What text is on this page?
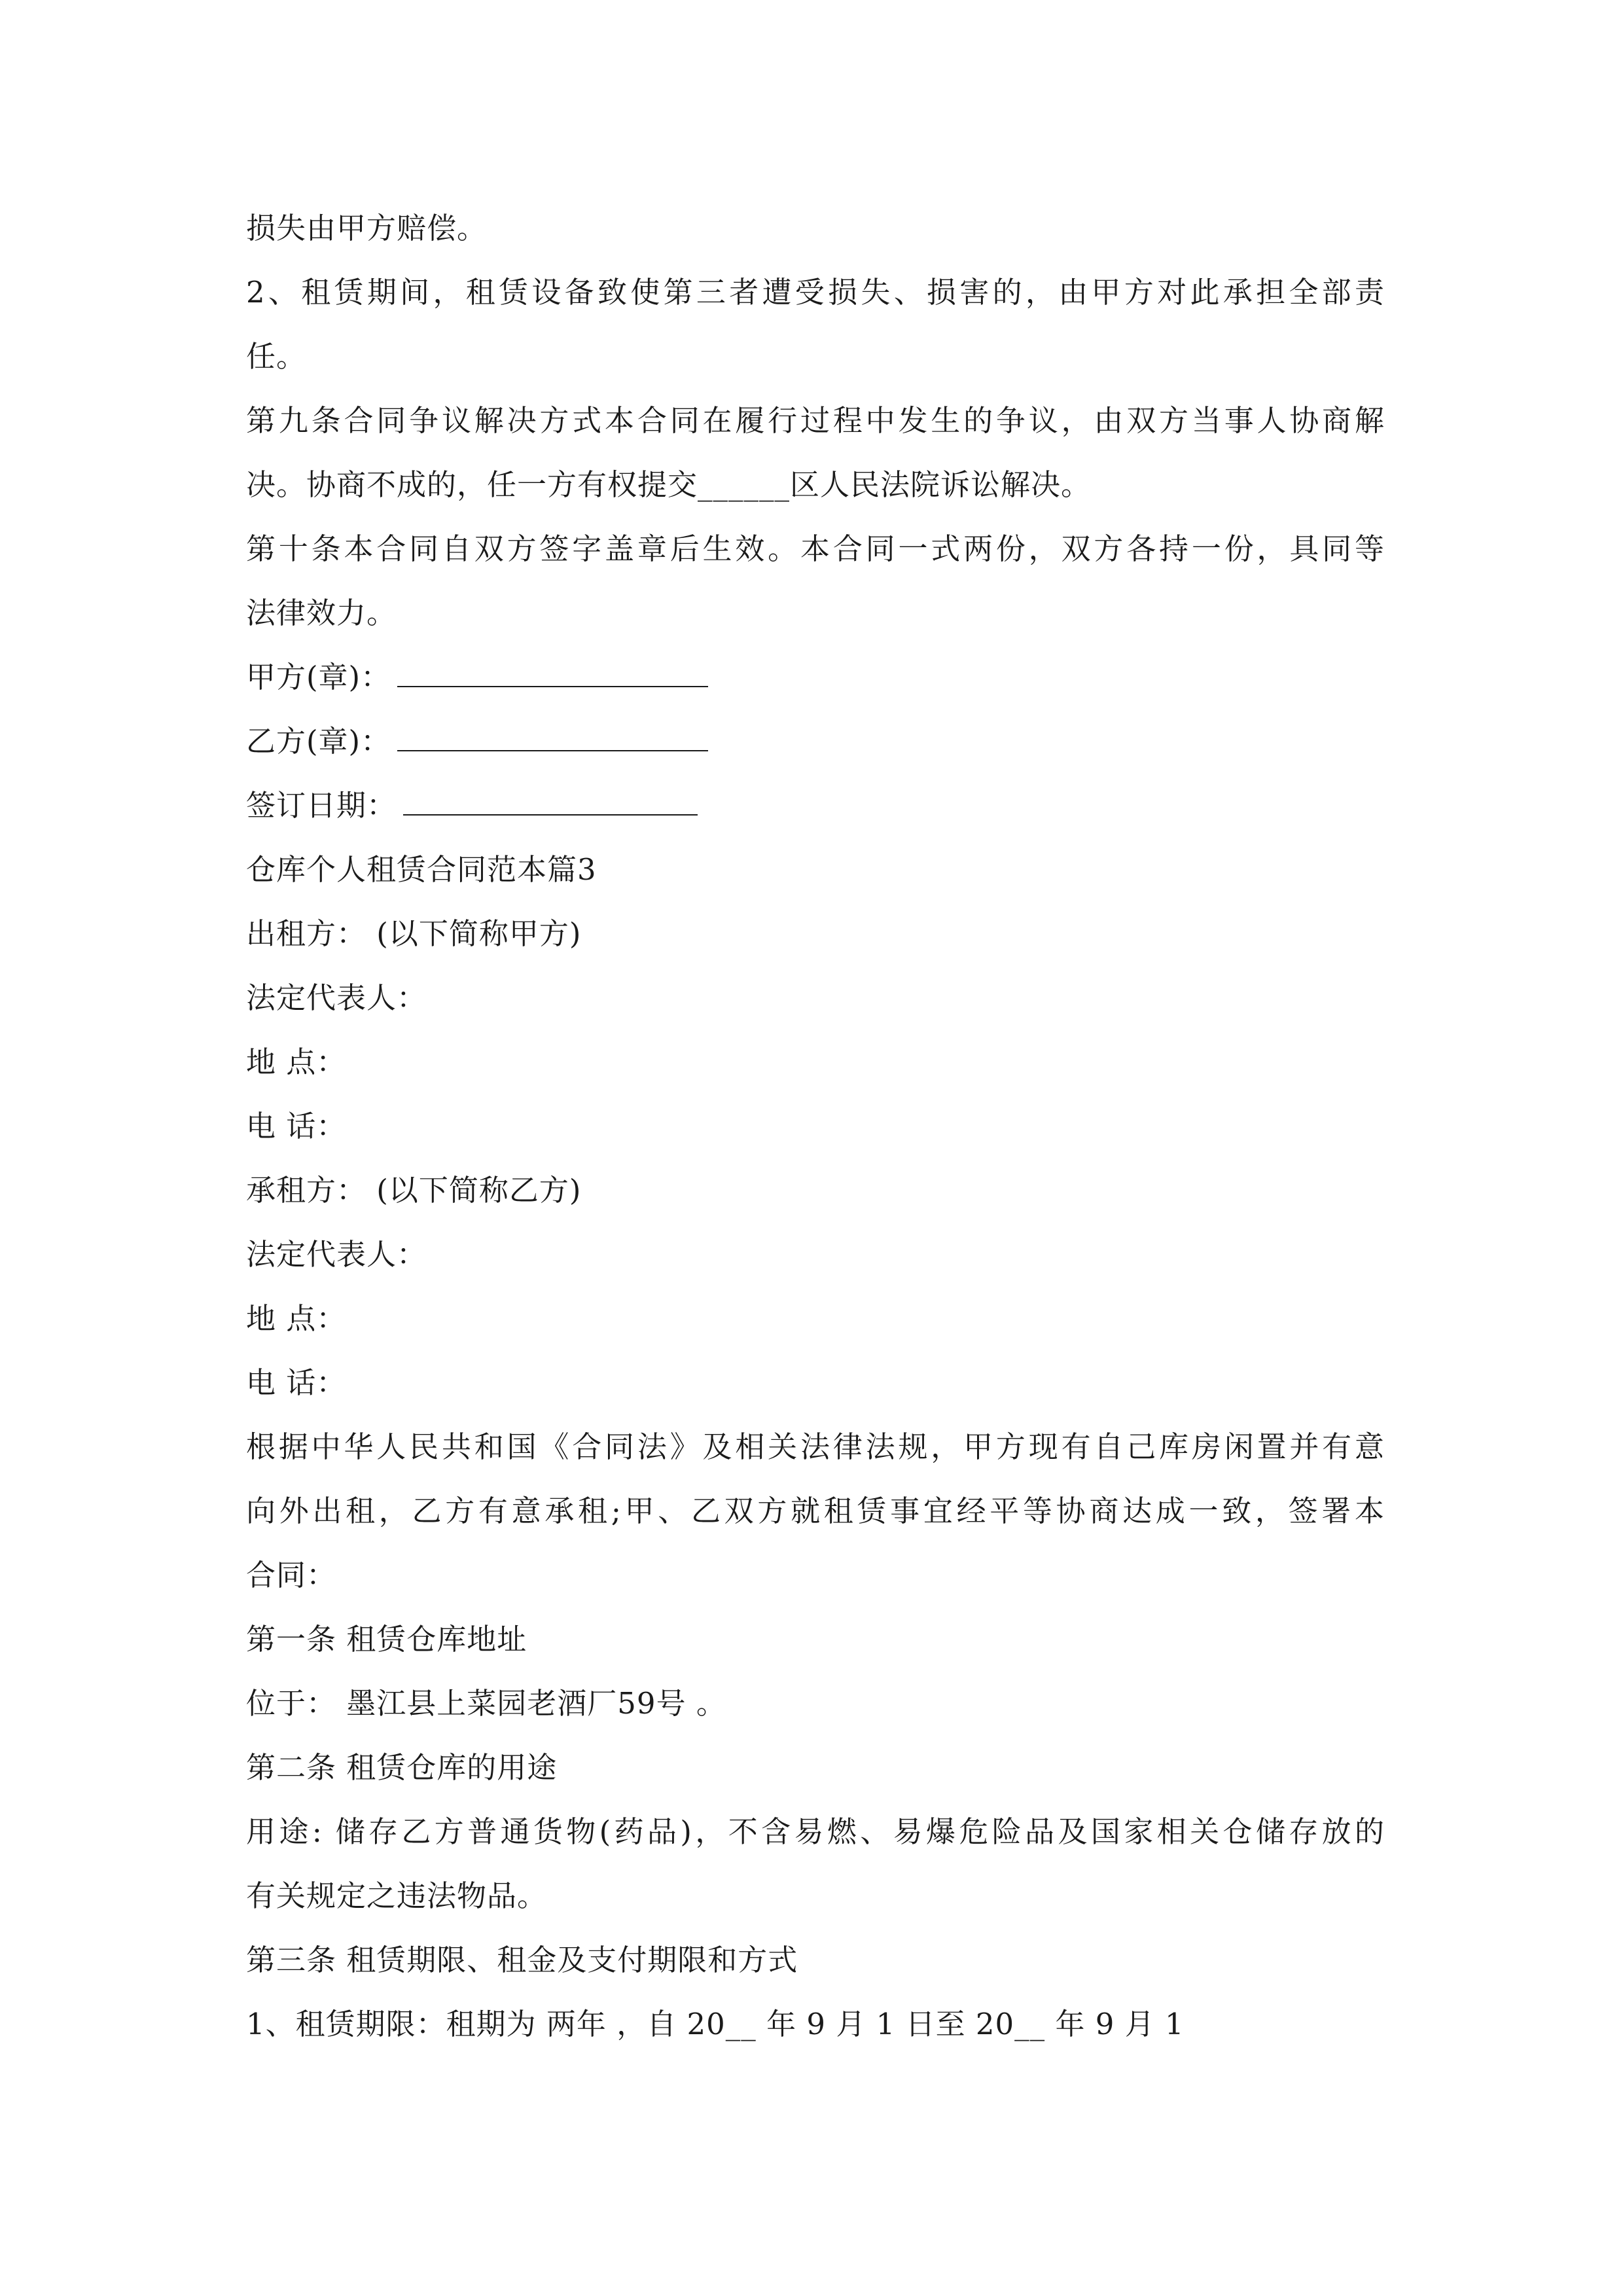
损失由甲方赔偿。
2、租赁期间，租赁设备致使第三者遭受损失、损害的，由甲方对此承担全部责
任。
第九条合同争议解决方式本合同在履行过程中发生的争议，由双方当事人协商解
决。协商不成的，任一方有权提交______区人民法院诉讼解决。
第十条本合同自双方签字盖章后生效。本合同一式两份，双方各持一份，具同等
法律效力。
甲方(章)：
乙方(章)：
签订日期：
仓库个人租赁合同范本篇3
出租方： (以下简称甲方)
法定代表人：
地 点：
电 话：
承租方： (以下简称乙方)
法定代表人：
地 点：
电 话：
根据中华人民共和国《合同法》及相关法律法规，甲方现有自己库房闲置并有意
向外出租，乙方有意承租;甲、乙双方就租赁事宜经平等协商达成一致，签署本
合同：
第一条 租赁仓库地址
位于： 墨江县上菜园老酒厂59号 。
第二条 租赁仓库的用途
用途: 储存乙方普通货物(药品)，不含易燃、易爆危险品及国家相关仓储存放的
有关规定之违法物品。
第三条 租赁期限、租金及支付期限和方式
1、租赁期限：租期为 两年 ，自 20__ 年 9 月 1 日至 20__ 年 9 月 1
